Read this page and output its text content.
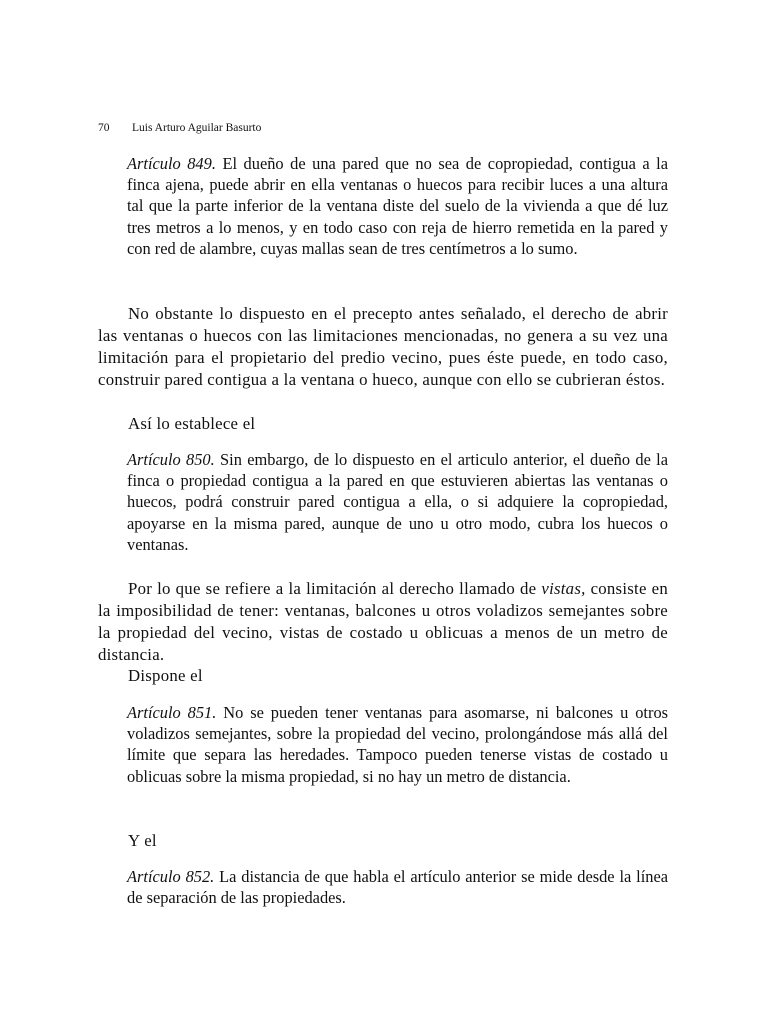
70 Luis Arturo Aguilar Basurto

Artículo 849. El dueño de una pared que no sea de copropiedad, contigua a la finca ajena, puede abrir en ella ventanas o huecos para recibir luces a una altura tal que la parte inferior de la ventana diste del suelo de la vivienda a que dé luz tres metros a lo menos, y en todo caso con reja de hierro remetida en la pared y con red de alambre, cuyas mallas sean de tres centímetros a lo sumo.

No obstante lo dispuesto en el precepto antes señalado, el derecho de abrir las ventanas o huecos con las limitaciones mencionadas, no genera a su vez una limitación para el propietario del predio vecino, pues éste puede, en todo caso, construir pared contigua a la ventana o hueco, aunque con ello se cubrieran éstos.

Así lo establece el

Artículo 850. Sin embargo, de lo dispuesto en el articulo anterior, el dueño de la finca o propiedad contigua a la pared en que estuvieren abiertas las ventanas o huecos, podrá construir pared contigua a ella, o si adquiere la copropiedad, apoyarse en la misma pared, aunque de uno u otro modo, cubra los huecos o ventanas.

Por lo que se refiere a la limitación al derecho llamado de vistas, consiste en la imposibilidad de tener: ventanas, balcones u otros voladizos semejantes sobre la propiedad del vecino, vistas de costado u oblicuas a menos de un metro de distancia.

Dispone el

Artículo 851. No se pueden tener ventanas para asomarse, ni balcones u otros voladizos semejantes, sobre la propiedad del vecino, prolongándose más allá del límite que separa las heredades. Tampoco pueden tenerse vistas de costado u oblicuas sobre la misma propiedad, si no hay un metro de distancia.

Y el

Artículo 852. La distancia de que habla el artículo anterior se mide desde la línea de separación de las propiedades.
